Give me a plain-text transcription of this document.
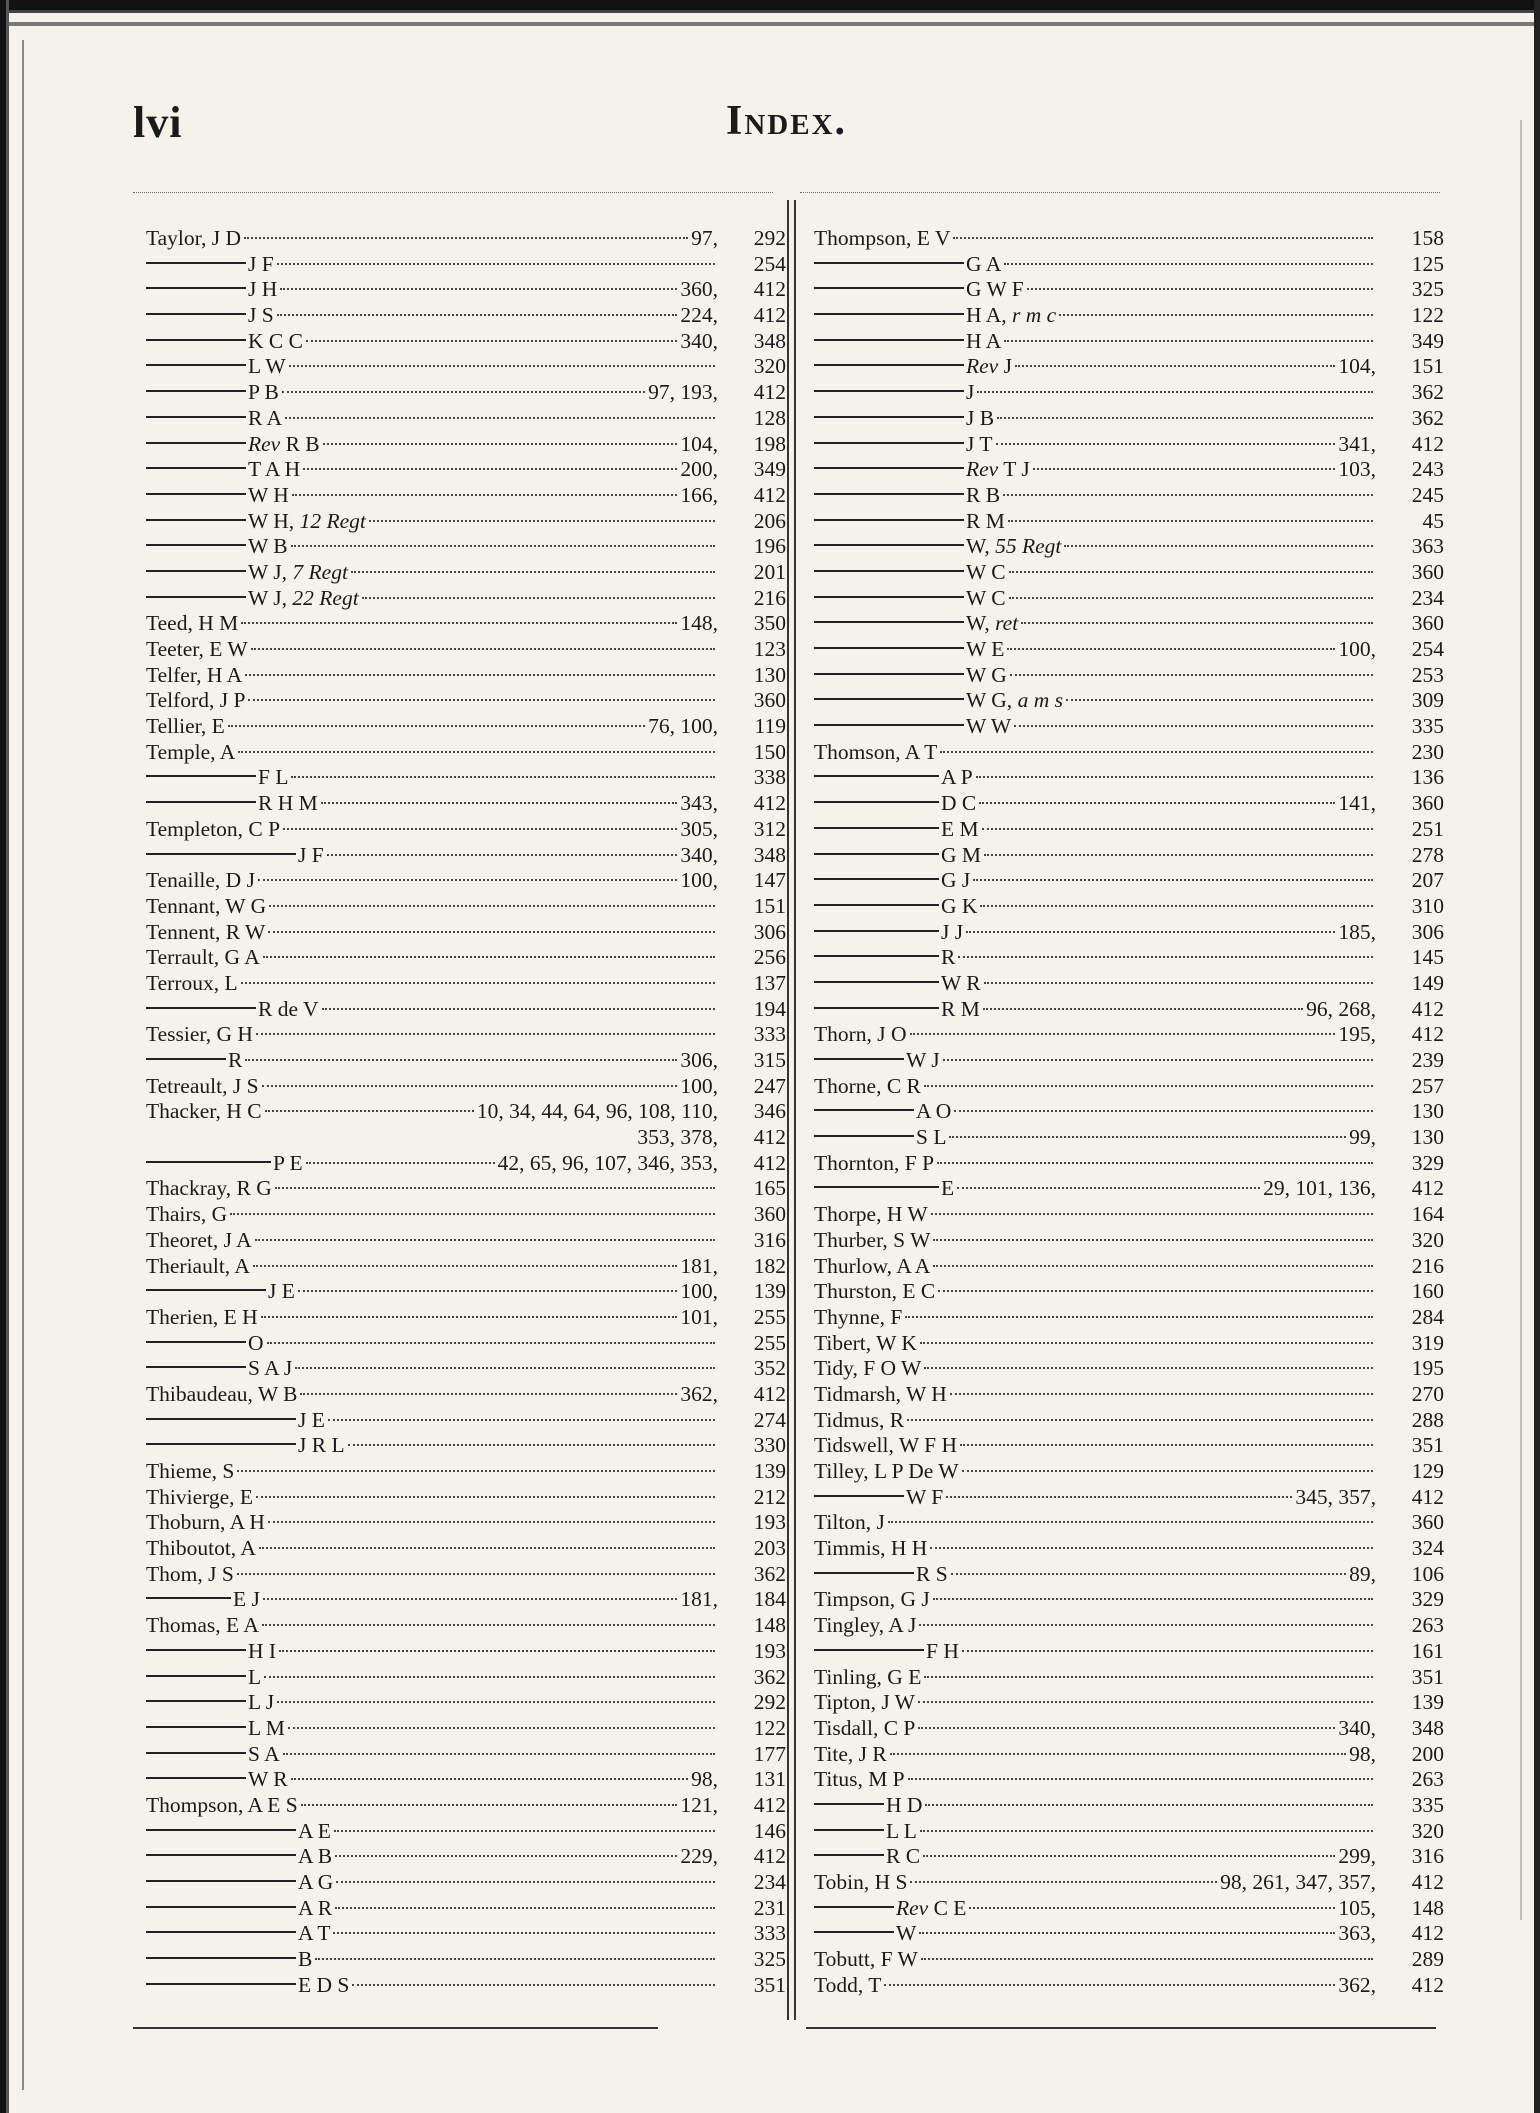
lvi	Index.
Taylor, J D	97,	292
J F	254
J H	360,	412
J S	224,	412
K C C	340,	348
L W	320
P B	97, 193,	412
R A	128
Rev R B	104,	198
T A H	200,	349
W H	166,	412
W H, 12 Regt	206
W B	196
W J, 7 Regt	201
W J, 22 Regt	216
Teed, H M	148,	350
Teeter, E W	123
Telfer, H A	130
Telford, J P	360
Tellier, E	76, 100,	119
Temple, A	150
F L	338
R H M	343,	412
Templeton, C P	305,	312
J F	340,	348
Tenaille, D J	100,	147
Tennant, W G	151
Tennent, R W	306
Terrault, G A	256
Terroux, L	137
R de V	194
Tessier, G H	333
R	306,	315
Tetreault, J S	100,	247
Thacker, H C	10, 34, 44, 64, 96, 108, 110,	346
353, 378,	412
P E	42, 65, 96, 107, 346, 353,	412
Thackray, R G	165
Thairs, G	360
Theoret, J A	316
Theriault, A	181,	182
J E	100,	139
Therien, E H	101,	255
O	255
S A J	352
Thibaudeau, W B	362,	412
J E	274
J R L	330
Thieme, S	139
Thivierge, E	212
Thoburn, A H	193
Thiboutot, A	203
Thom, J S	362
E J	181,	184
Thomas, E A	148
H I	193
L	362
L J	292
L M	122
S A	177
W R	98,	131
Thompson, A E S	121,	412
A E	146
A B	229,	412
A G	234
A R	231
A T	333
B	325
E D S	351
Thompson, E V	158
G A	125
G W F	325
H A, r m c	122
H A	349
Rev J	104,	151
J	362
J B	362
J T	341,	412
Rev T J	103,	243
R B	245
R M	45
W, 55 Regt	363
W C	360
W C	234
W, ret	360
W E	100,	254
W G	253
W G, a m s	309
W W	335
Thomson, A T	230
A P	136
D C	141,	360
E M	251
G M	278
G J	207
G K	310
J J	185,	306
R	145
W R	149
R M	96, 268,	412
Thorn, J O	195,	412
W J	239
Thorne, C R	257
A O	130
S L	99,	130
Thornton, F P	329
E	29, 101, 136,	412
Thorpe, H W	164
Thurber, S W	320
Thurlow, A A	216
Thurston, E C	160
Thynne, F	284
Tibert, W K	319
Tidy, F O W	195
Tidmarsh, W H	270
Tidmus, R	288
Tidswell, W F H	351
Tilley, L P De W	129
W F	345, 357,	412
Tilton, J	360
Timmis, H H	324
R S	89,	106
Timpson, G J	329
Tingley, A J	263
F H	161
Tinling, G E	351
Tipton, J W	139
Tisdall, C P	340,	348
Tite, J R	98,	200
Titus, M P	263
H D	335
L L	320
R C	299,	316
Tobin, H S	98, 261, 347, 357,	412
Rev C E	105,	148
W	363,	412
Tobutt, F W	289
Todd, T	362,	412
